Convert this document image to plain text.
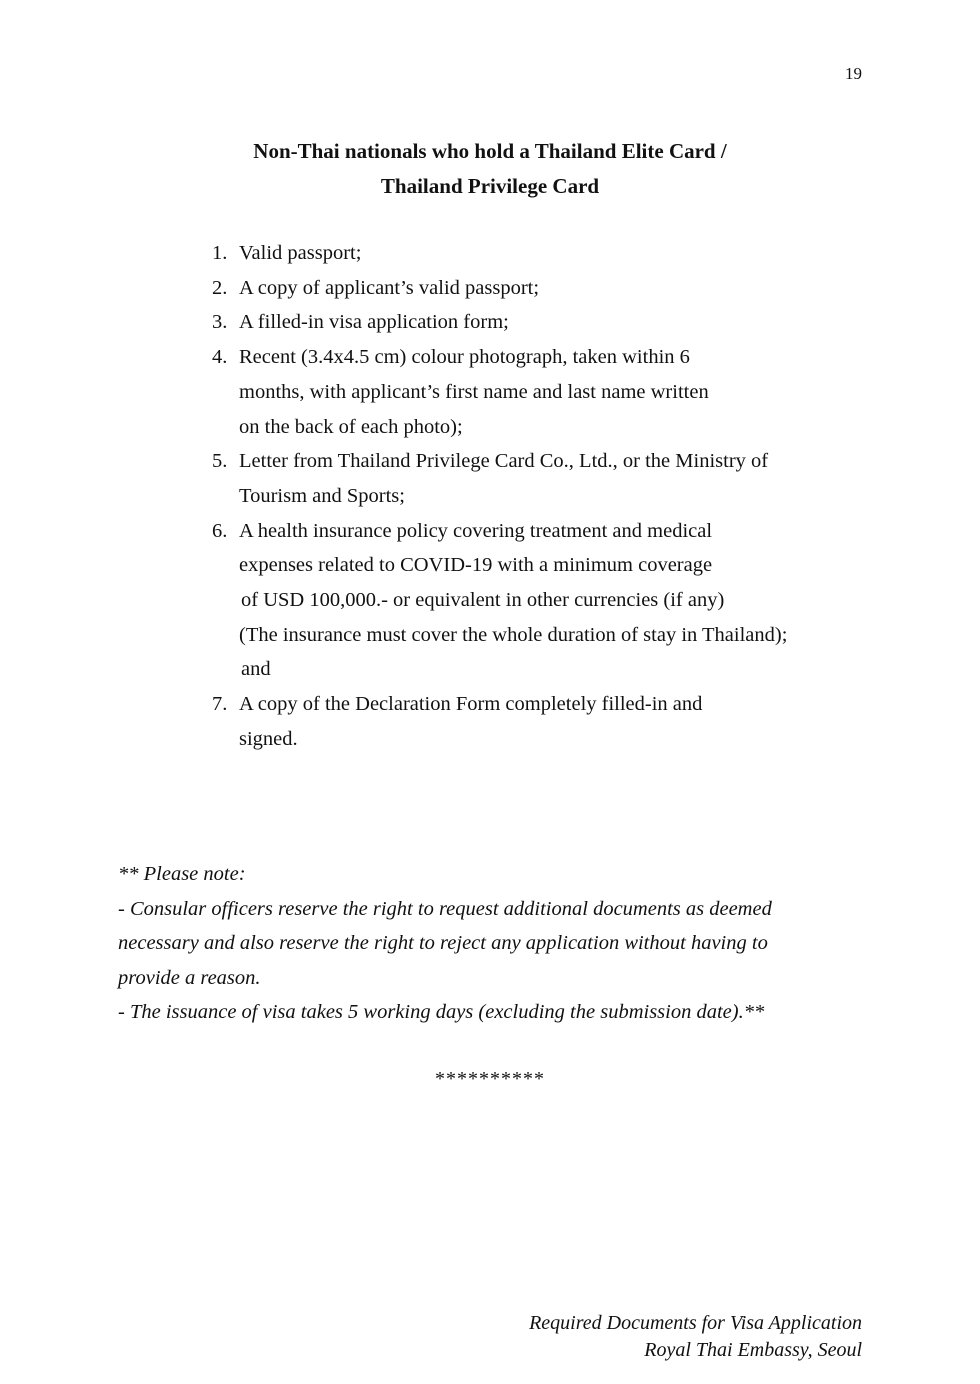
19
Non-Thai nationals who hold a Thailand Elite Card /
Thailand Privilege Card
1. Valid passport;
2. A copy of applicant’s valid passport;
3. A filled-in visa application form;
4. Recent (3.4x4.5 cm) colour photograph, taken within 6
months, with applicant’s first name and last name written
on the back of each photo);
5. Letter from Thailand Privilege Card Co., Ltd., or the Ministry of
Tourism and Sports;
6. A health insurance policy covering treatment and medical
expenses related to COVID-19 with a minimum coverage
of USD 100,000.- or equivalent in other currencies (if any)
(The insurance must cover the whole duration of stay in Thailand);
and
7. A copy of the Declaration Form completely filled-in and
signed.
** Please note:
- Consular officers reserve the right to request additional documents as deemed
necessary and also reserve the right to reject any application without having to
provide a reason.
- The issuance of visa takes 5 working days (excluding the submission date).**
**********
Required Documents for Visa Application
Royal Thai Embassy, Seoul
